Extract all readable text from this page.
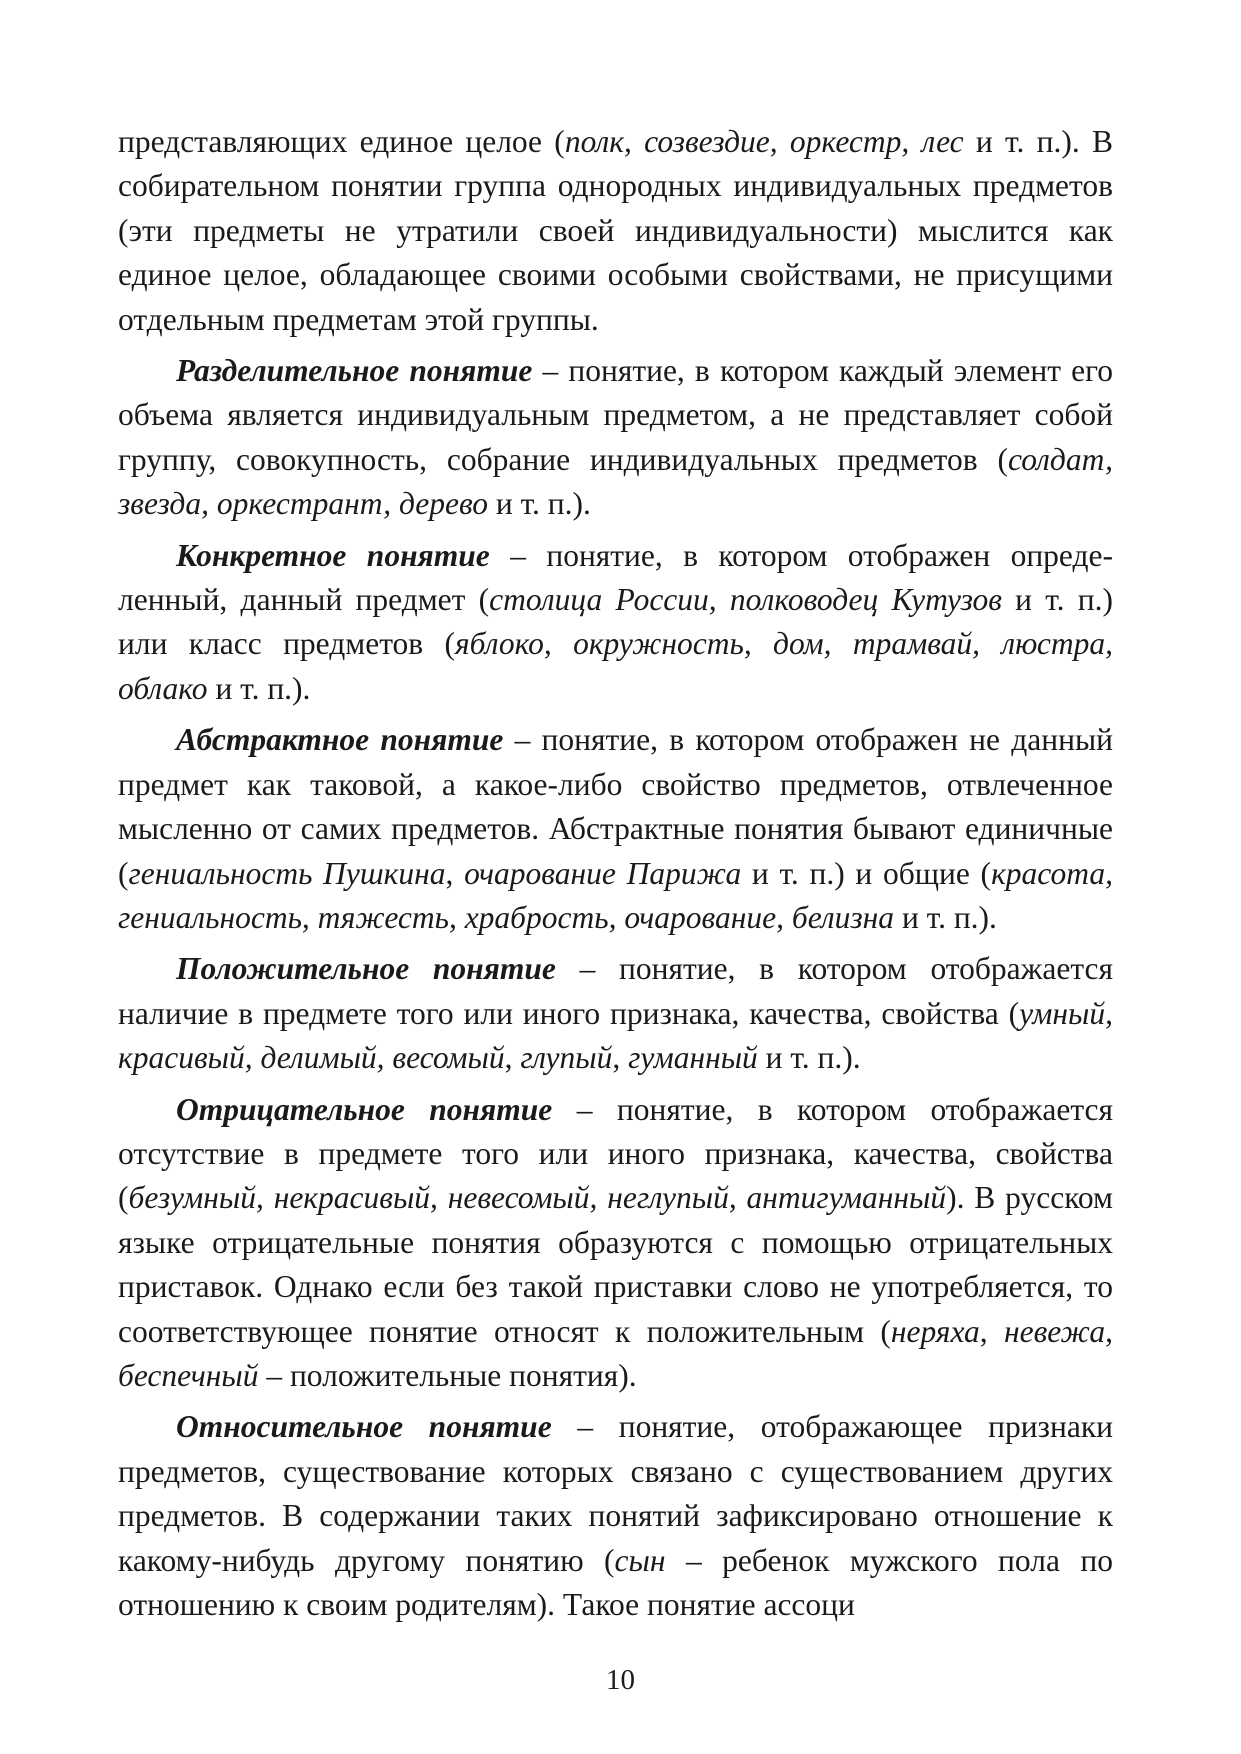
представляющих единое целое (полк, созвездие, оркестр, лес и т. п.). В собирательном понятии группа однородных индивидуальных предметов (эти предметы не утратили своей индивидуальности) мыслится как единое целое, обладающее своими особыми свойствами, не присущими отдельным предметам этой группы.

Разделительное понятие – понятие, в котором каждый элемент его объема является индивидуальным предметом, а не представляет собой группу, совокупность, собрание индивидуальных предметов (солдат, звезда, оркестрант, дерево и т. п.).

Конкретное понятие – понятие, в котором отображен определенный, данный предмет (столица России, полководец Кутузов и т. п.) или класс предметов (яблоко, окружность, дом, трамвай, люстра, облако и т. п.).

Абстрактное понятие – понятие, в котором отображен не данный предмет как таковой, а какое-либо свойство предметов, отвлеченное мысленно от самих предметов. Абстрактные понятия бывают единичные (гениальность Пушкина, очарование Парижа и т. п.) и общие (красота, гениальность, тяжесть, храбрость, очарование, белизна и т. п.).

Положительное понятие – понятие, в котором отображается наличие в предмете того или иного признака, качества, свойства (умный, красивый, делимый, весомый, глупый, гуманный и т. п.).

Отрицательное понятие – понятие, в котором отображается отсутствие в предмете того или иного признака, качества, свойства (безумный, некрасивый, невесомый, неглупый, антигуманный). В русском языке отрицательные понятия образуются с помощью отрицательных приставок. Однако если без такой приставки слово не употребляется, то соответствующее понятие относят к положительным (неряха, невежа, беспечный – положительные понятия).

Относительное понятие – понятие, отображающее признаки предметов, существование которых связано с существованием других предметов. В содержании таких понятий зафиксировано отношение к какому-нибудь другому понятию (сын – ребенок мужского пола по отношению к своим родителям). Такое понятие ассоци

10
